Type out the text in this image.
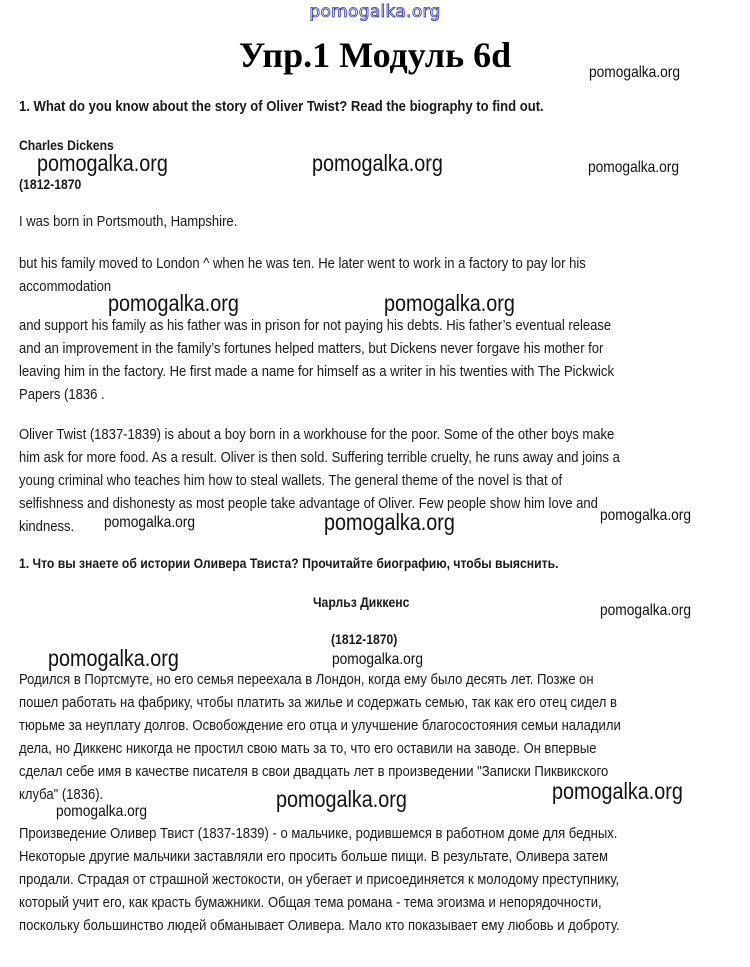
pomogalka.org
Упр.1 Модуль 6d	pomogalka.org
1. What do you know about the story of Oliver Twist? Read the biography to find out.
Charles Dickens
pomogalka.org	pomogalka.org	pomogalka.org
(1812-1870
I was born in Portsmouth, Hampshire.
but his family moved to London ^ when he was ten. He later went to work in a factory to pay lor his
accommodation
pomogalka.org	pomogalka.org
and support his family as his father was in prison for not paying his debts. His father’s eventual release
and an improvement in the family’s fortunes helped matters, but Dickens never forgave his mother for
leaving him in the factory. He first made a name for himself as a writer in his twenties with The Pickwick
Papers (1836 .
Oliver Twist (1837-1839) is about a boy born in a workhouse for the poor. Some of the other boys make
him ask for more food. As a result. Oliver is then sold. Suffering terrible cruelty, he runs away and joins a
young criminal who teaches him how to steal wallets. The general theme of the novel is that of
selfishness and dishonesty as most people take advantage of Oliver. Few people show him love and
kindness.	pomogalka.org	pomogalka.org	pomogalka.org
1. Что вы знаете об истории Оливера Твиста? Прочитайте биографию, чтобы выяснить.
Чарльз Диккенс	pomogalka.org
(1812-1870)
pomogalka.org	pomogalka.org
Родился в Портсмуте, но его семья переехала в Лондон, когда ему было десять лет. Позже он
пошел работать на фабрику, чтобы платить за жилье и содержать семью, так как его отец сидел в
тюрьме за неуплату долгов. Освобождение его отца и улучшение благосостояния семьи наладили
дела, но Диккенс никогда не простил свою мать за то, что его оставили на заводе. Он впервые
сделал себе имя в качестве писателя в свои двадцать лет в произведении "Записки Пиквикского
клуба" (1836).	pomogalka.org	pomogalka.org
pomogalka.org
Произведение Оливер Твист (1837-1839) - о мальчике, родившемся в работном доме для бедных.
Некоторые другие мальчики заставляли его просить больше пищи. В результате, Оливера затем
продали. Страдая от страшной жестокости, он убегает и присоединяется к молодому преступнику,
который учит его, как красть бумажники. Общая тема романа - тема эгоизма и непорядочности,
поскольку большинство людей обманывает Оливера. Мало кто показывает ему любовь и доброту.
